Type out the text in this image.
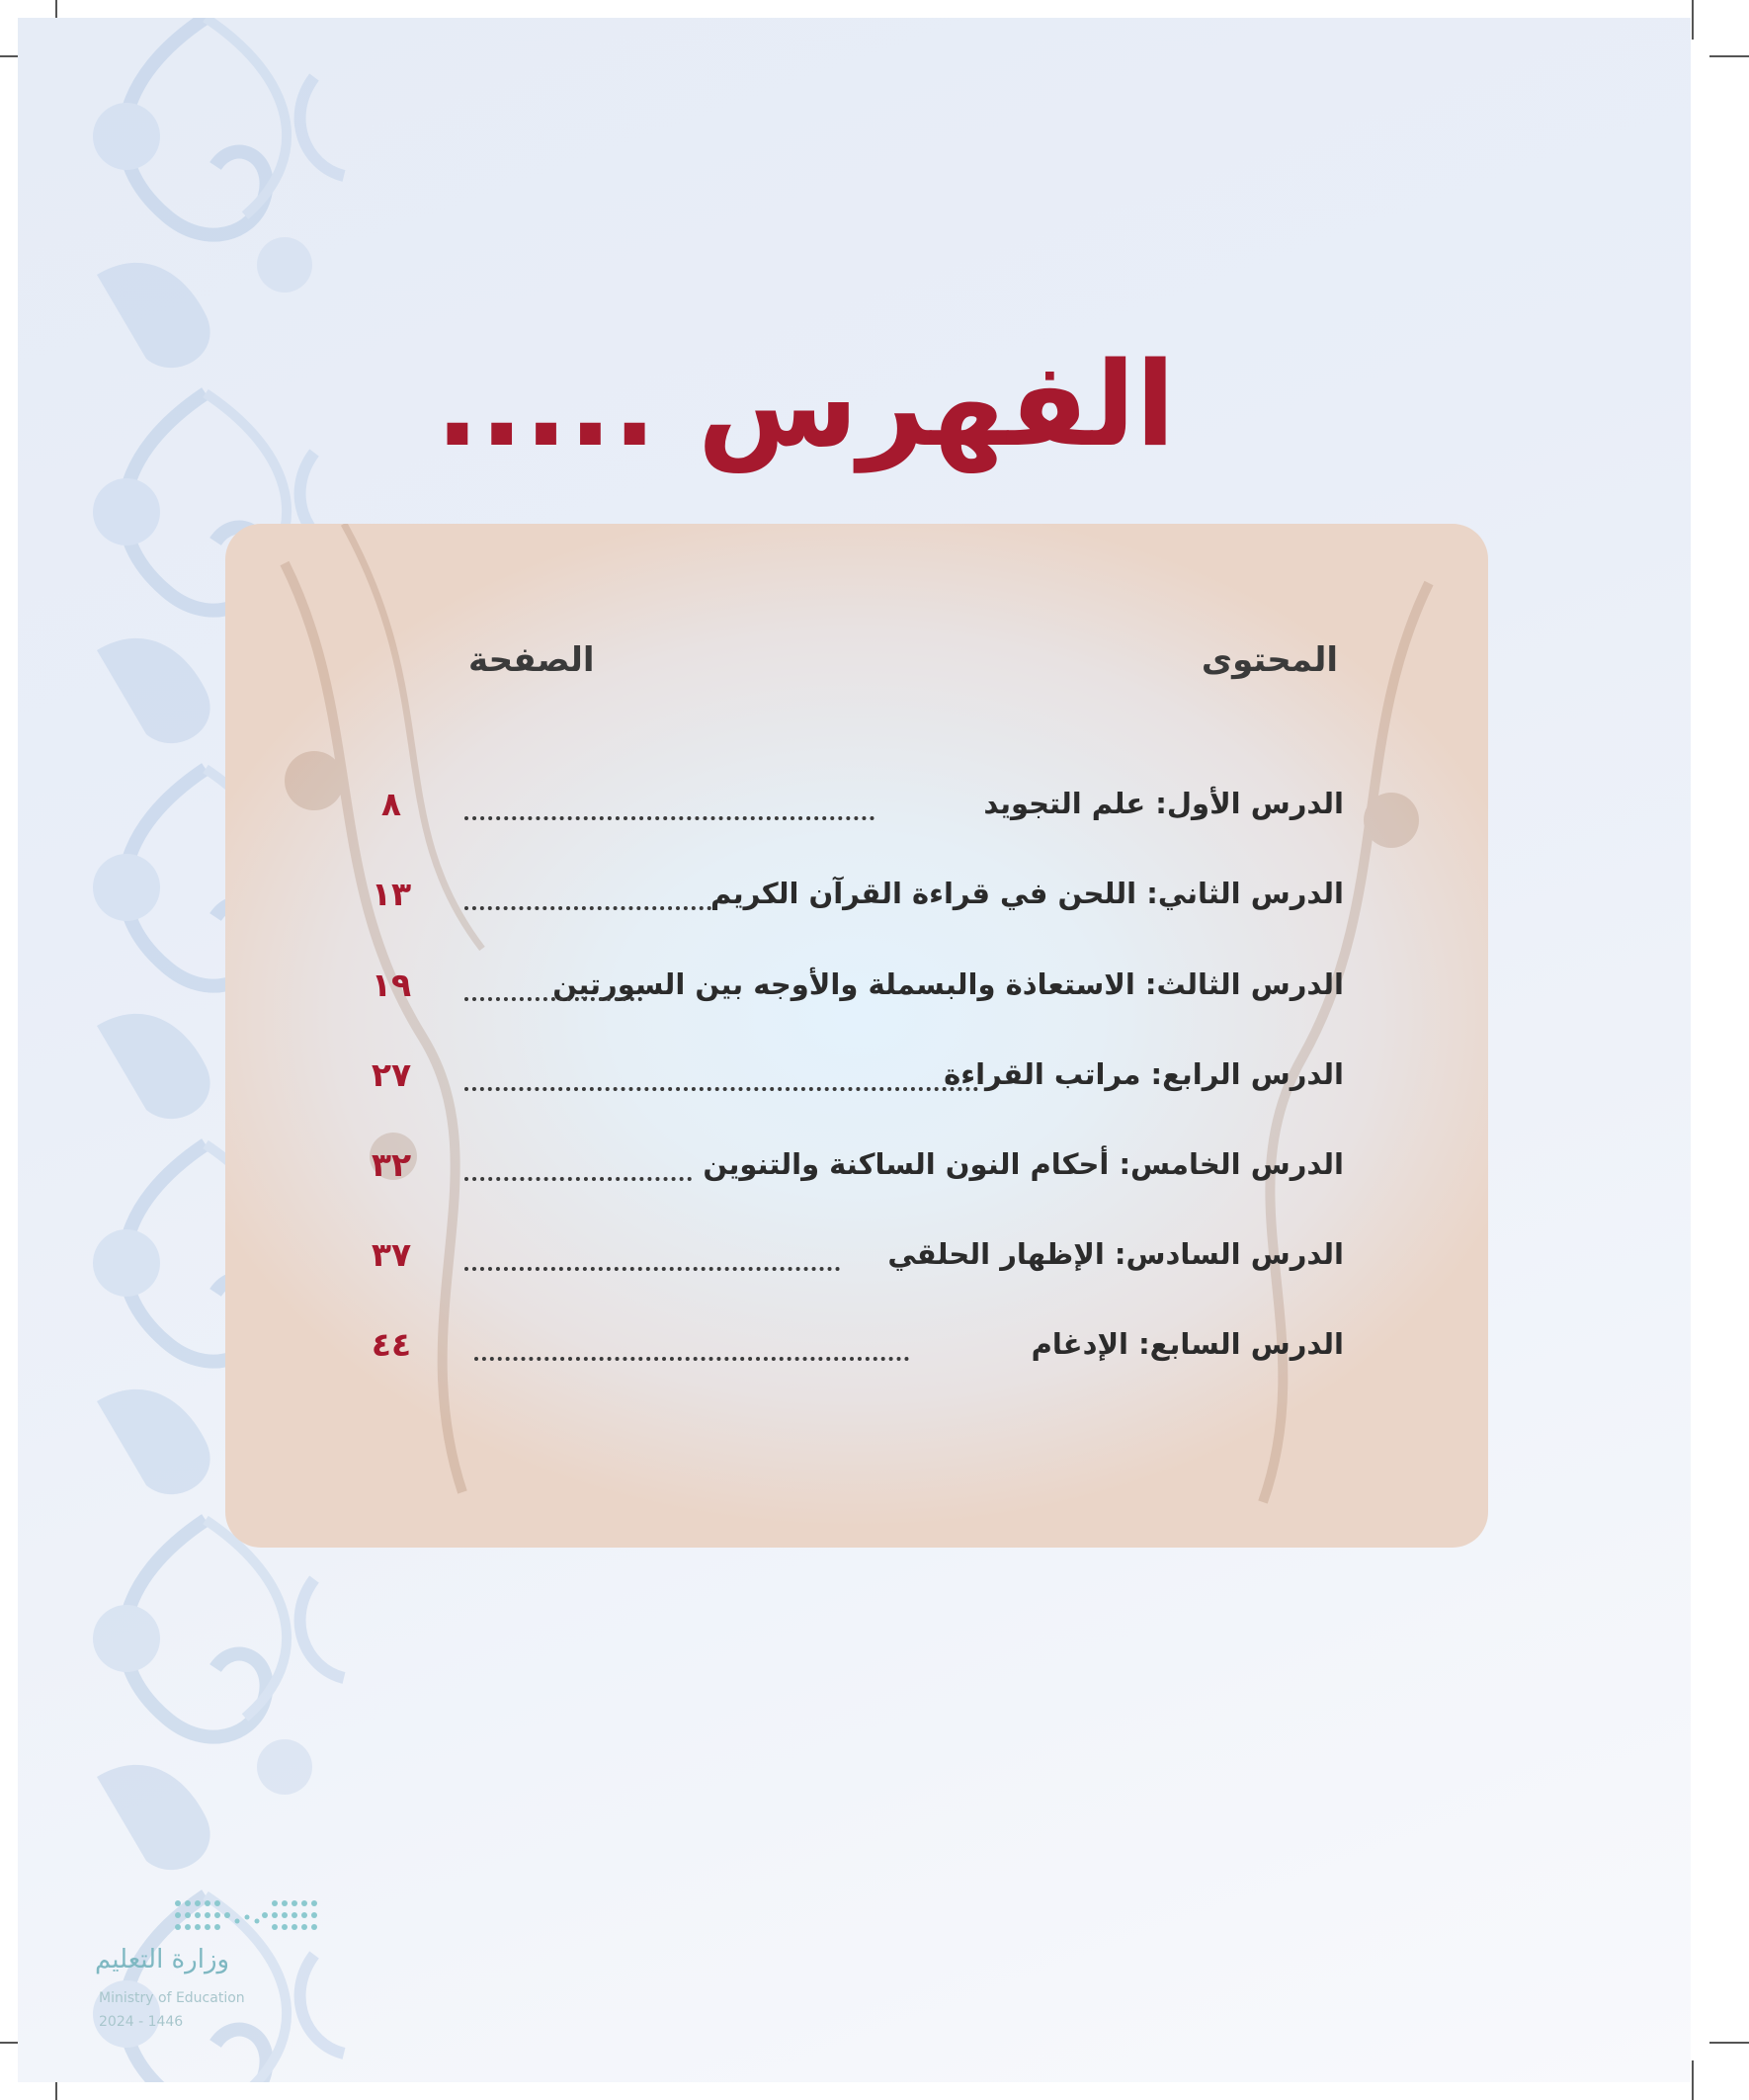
الفهرس .....
المحتوى
الصفحة
الدرس الأول: علم التجويد
٨
الدرس الثاني: اللحن في قراءة القرآن الكريم
١٣
الدرس الثالث: الاستعاذة والبسملة والأوجه بين السورتين
١٩
الدرس الرابع: مراتب القراءة
٢٧
الدرس الخامس: أحكام النون الساكنة والتنوين
٣٢
الدرس السادس: الإظهار الحلقي
٣٧
الدرس السابع: الإدغام
٤٤
وزارة التعليم
Ministry of Education
2024 - 1446
